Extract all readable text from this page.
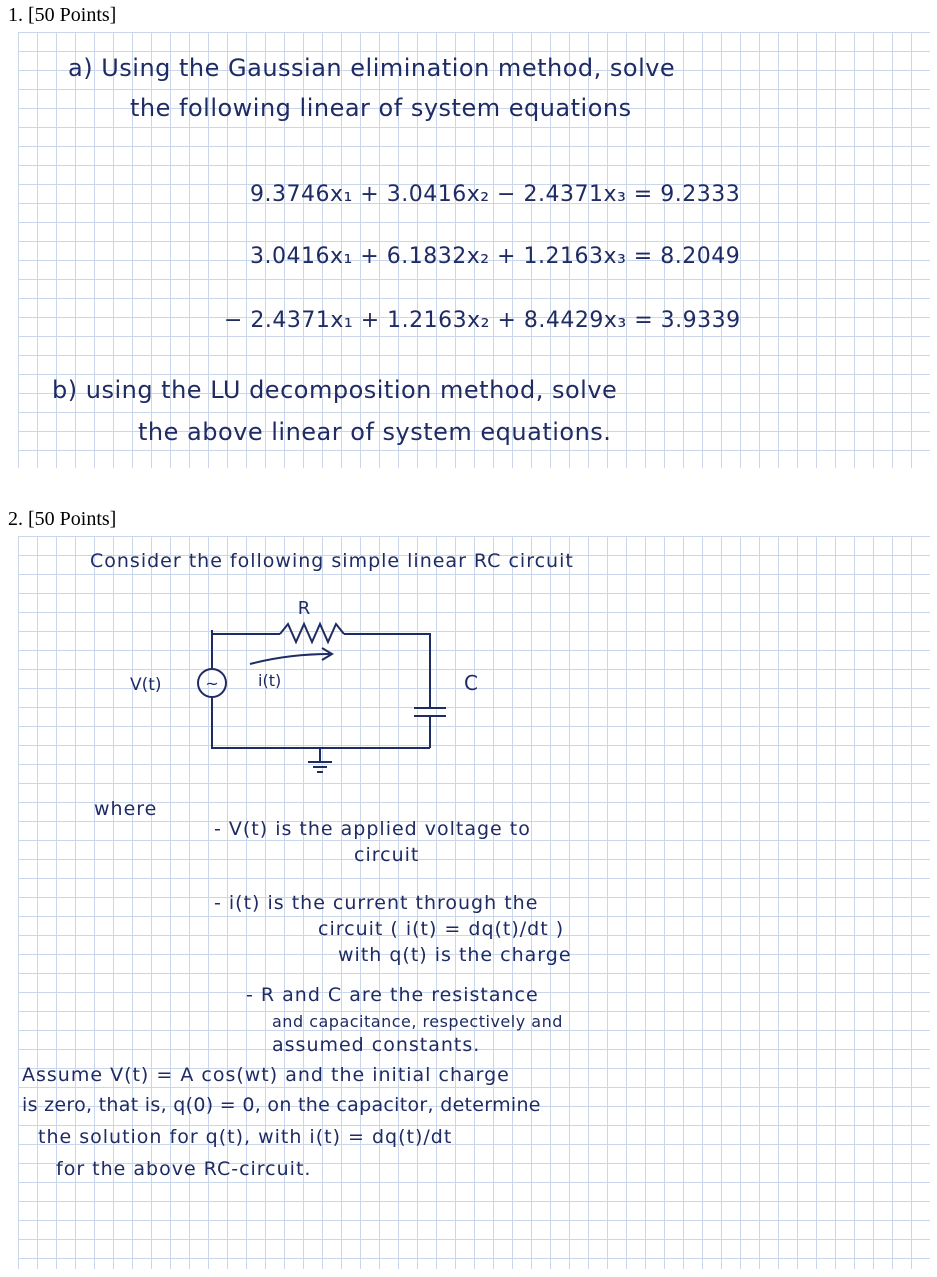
1. [50 Points]

a) Using the Gaussian elimination method, solve

the following linear of system equations

9.3746x₁ + 3.0416x₂ − 2.4371x₃ = 9.2333

3.0416x₁ + 6.1832x₂ + 1.2163x₃ = 8.2049

− 2.4371x₁ + 1.2163x₂ + 8.4429x₃ = 3.9339

b) using the LU decomposition method, solve

the above linear of system equations.

2. [50 Points]

Consider the following simple linear RC circuit

~
R
V(t)	i(t)	C

where

- V(t) is the applied voltage to

circuit

- i(t) is the current through the

circuit ( i(t) = dq(t)/dt )

with q(t) is the charge

- R and C are the resistance

and capacitance, respectively and

assumed constants.

Assume V(t) = A cos(wt) and the initial charge

is zero, that is, q(0) = 0, on the capacitor, determine

the solution for q(t), with i(t) = dq(t)/dt

for the above RC-circuit.
